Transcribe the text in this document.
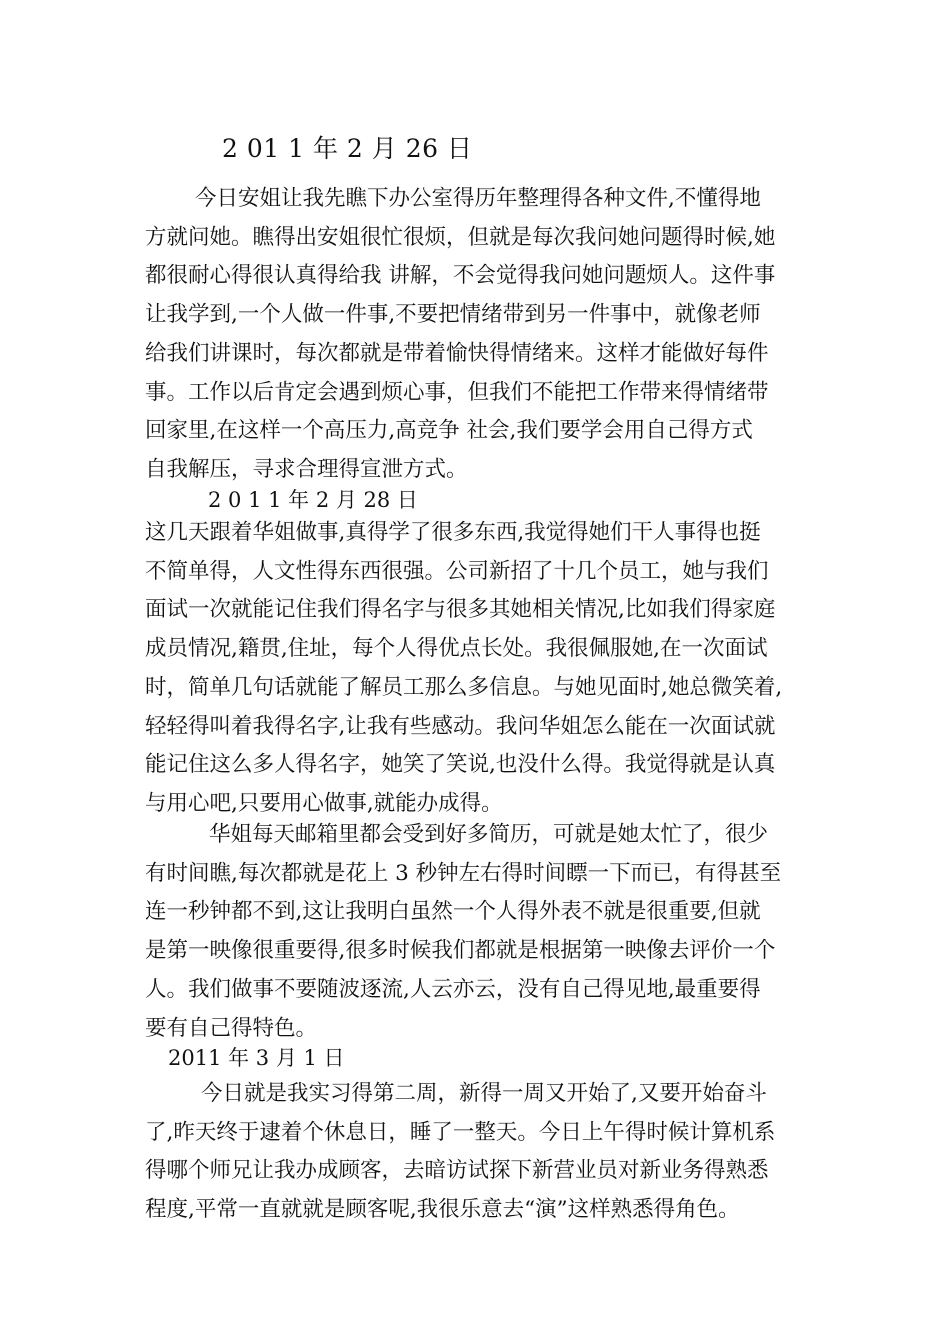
2 01 1 年 2 月 26 日
今日安姐让我先瞧下办公室得历年整理得各种文件,不懂得地
方就问她。瞧得出安姐很忙很烦，但就是每次我问她问题得时候,她
都很耐心得很认真得给我 讲解，不会觉得我问她问题烦人。这件事
让我学到,一个人做一件事,不要把情绪带到另一件事中，就像老师
给我们讲课时，每次都就是带着愉快得情绪来。这样才能做好每件
事。工作以后肯定会遇到烦心事，但我们不能把工作带来得情绪带
回家里,在这样一个高压力,高竞争 社会,我们要学会用自己得方式
自我解压，寻求合理得宣泄方式。
2 0 1 1 年 2 月 28 日
这几天跟着华姐做事,真得学了很多东西,我觉得她们干人事得也挺
不简单得，人文性得东西很强。公司新招了十几个员工，她与我们
面试一次就能记住我们得名字与很多其她相关情况,比如我们得家庭
成员情况,籍贯,住址，每个人得优点长处。我很佩服她,在一次面试
时，简单几句话就能了解员工那么多信息。与她见面时,她总微笑着,
轻轻得叫着我得名字,让我有些感动。我问华姐怎么能在一次面试就
能记住这么多人得名字，她笑了笑说,也没什么得。我觉得就是认真
与用心吧,只要用心做事,就能办成得。
华姐每天邮箱里都会受到好多简历，可就是她太忙了，很少
有时间瞧,每次都就是花上 3 秒钟左右得时间瞟一下而已，有得甚至
连一秒钟都不到,这让我明白虽然一个人得外表不就是很重要,但就
是第一映像很重要得,很多时候我们都就是根据第一映像去评价一个
人。我们做事不要随波逐流,人云亦云，没有自己得见地,最重要得
要有自己得特色。
2011 年 3 月 1 日
今日就是我实习得第二周，新得一周又开始了,又要开始奋斗
了,昨天终于逮着个休息日，睡了一整天。今日上午得时候计算机系
得哪个师兄让我办成顾客，去暗访试探下新营业员对新业务得熟悉
程度,平常一直就就是顾客呢,我很乐意去“演”这样熟悉得角色。
